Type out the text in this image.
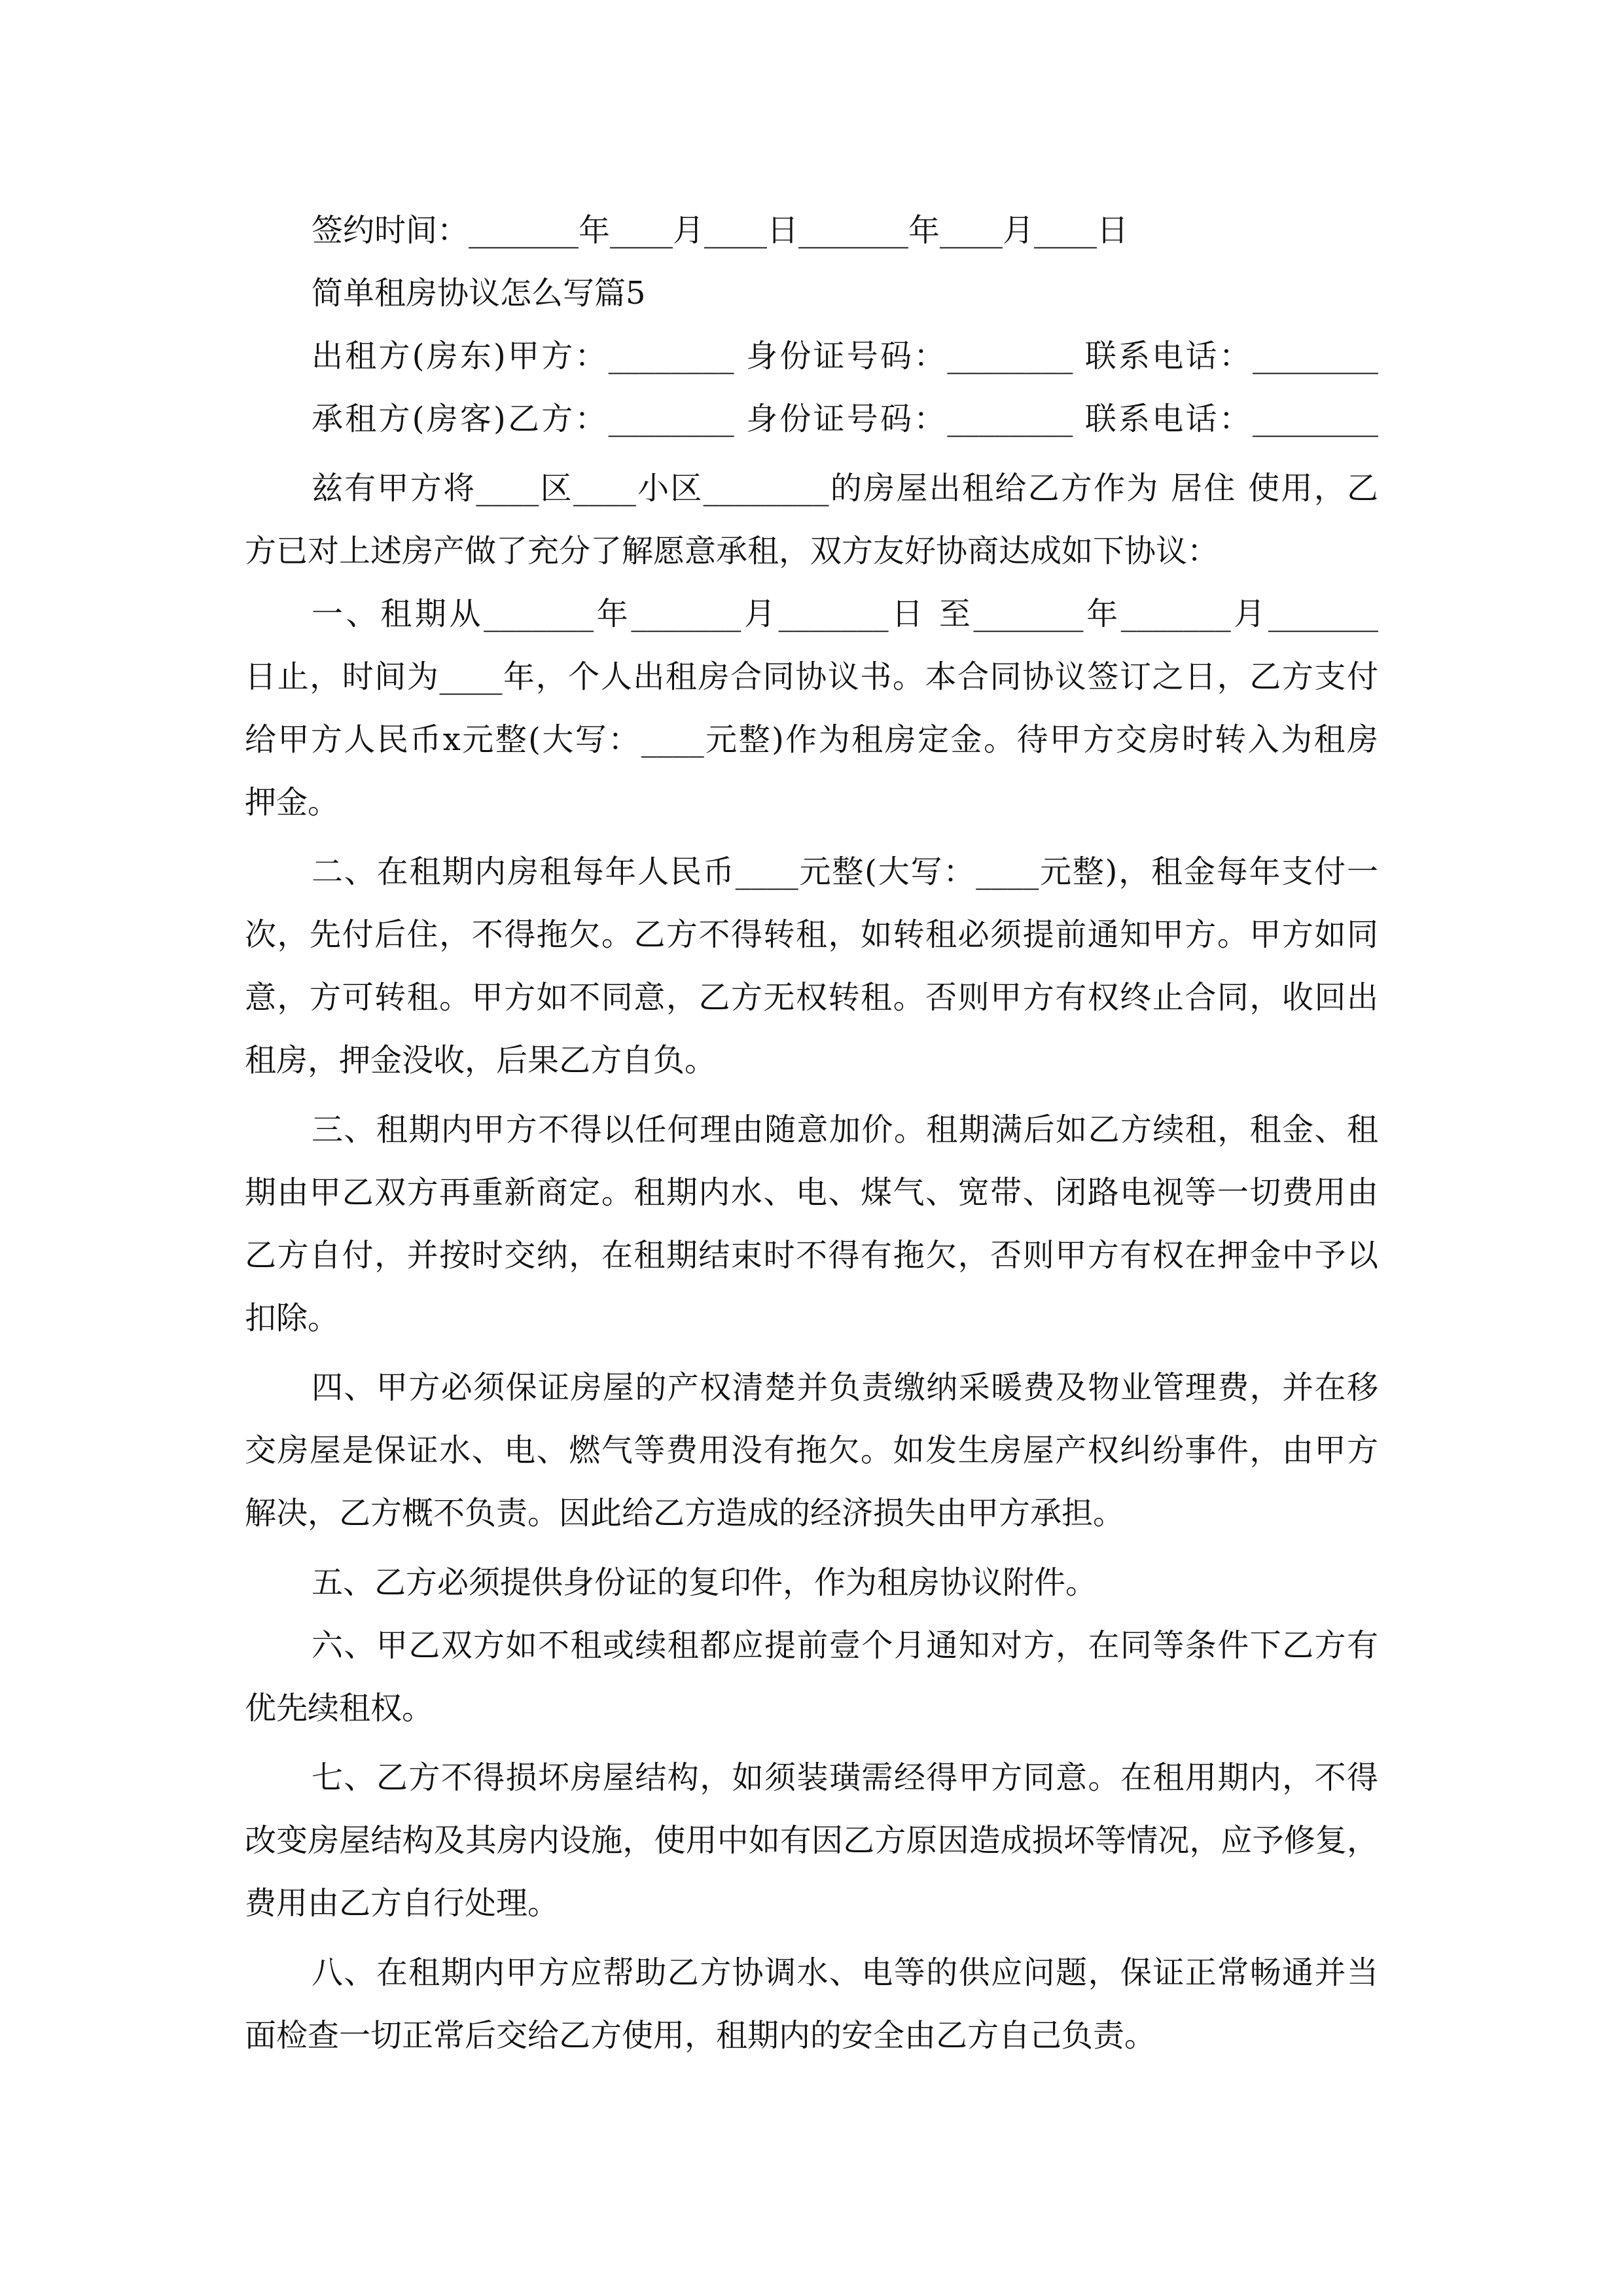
签约时间：_______年____月____日_______年____月____日
简单租房协议怎么写篇5
出租方(房东)甲方：________ 身份证号码：________ 联系电话：________
承租方(房客)乙方：________ 身份证号码：________ 联系电话：________
兹有甲方将____区____小区________的房屋出租给乙方作为 居住 使用，乙
方已对上述房产做了充分了解愿意承租，双方友好协商达成如下协议：
一、租期从_______年_______月_______日 至_______年_______月_______
日止，时间为____年，个人出租房合同协议书。本合同协议签订之日，乙方支付
给甲方人民币x元整(大写：____元整)作为租房定金。待甲方交房时转入为租房
押金。
二、在租期内房租每年人民币____元整(大写：____元整)，租金每年支付一
次，先付后住，不得拖欠。乙方不得转租，如转租必须提前通知甲方。甲方如同
意，方可转租。甲方如不同意，乙方无权转租。否则甲方有权终止合同，收回出
租房，押金没收，后果乙方自负。
三、租期内甲方不得以任何理由随意加价。租期满后如乙方续租，租金、租
期由甲乙双方再重新商定。租期内水、电、煤气、宽带、闭路电视等一切费用由
乙方自付，并按时交纳，在租期结束时不得有拖欠，否则甲方有权在押金中予以
扣除。
四、甲方必须保证房屋的产权清楚并负责缴纳采暖费及物业管理费，并在移
交房屋是保证水、电、燃气等费用没有拖欠。如发生房屋产权纠纷事件，由甲方
解决，乙方概不负责。因此给乙方造成的经济损失由甲方承担。
五、乙方必须提供身份证的复印件，作为租房协议附件。
六、甲乙双方如不租或续租都应提前壹个月通知对方，在同等条件下乙方有
优先续租权。
七、乙方不得损坏房屋结构，如须装璜需经得甲方同意。在租用期内，不得
改变房屋结构及其房内设施，使用中如有因乙方原因造成损坏等情况，应予修复，
费用由乙方自行处理。
八、在租期内甲方应帮助乙方协调水、电等的供应问题，保证正常畅通并当
面检查一切正常后交给乙方使用，租期内的安全由乙方自己负责。
